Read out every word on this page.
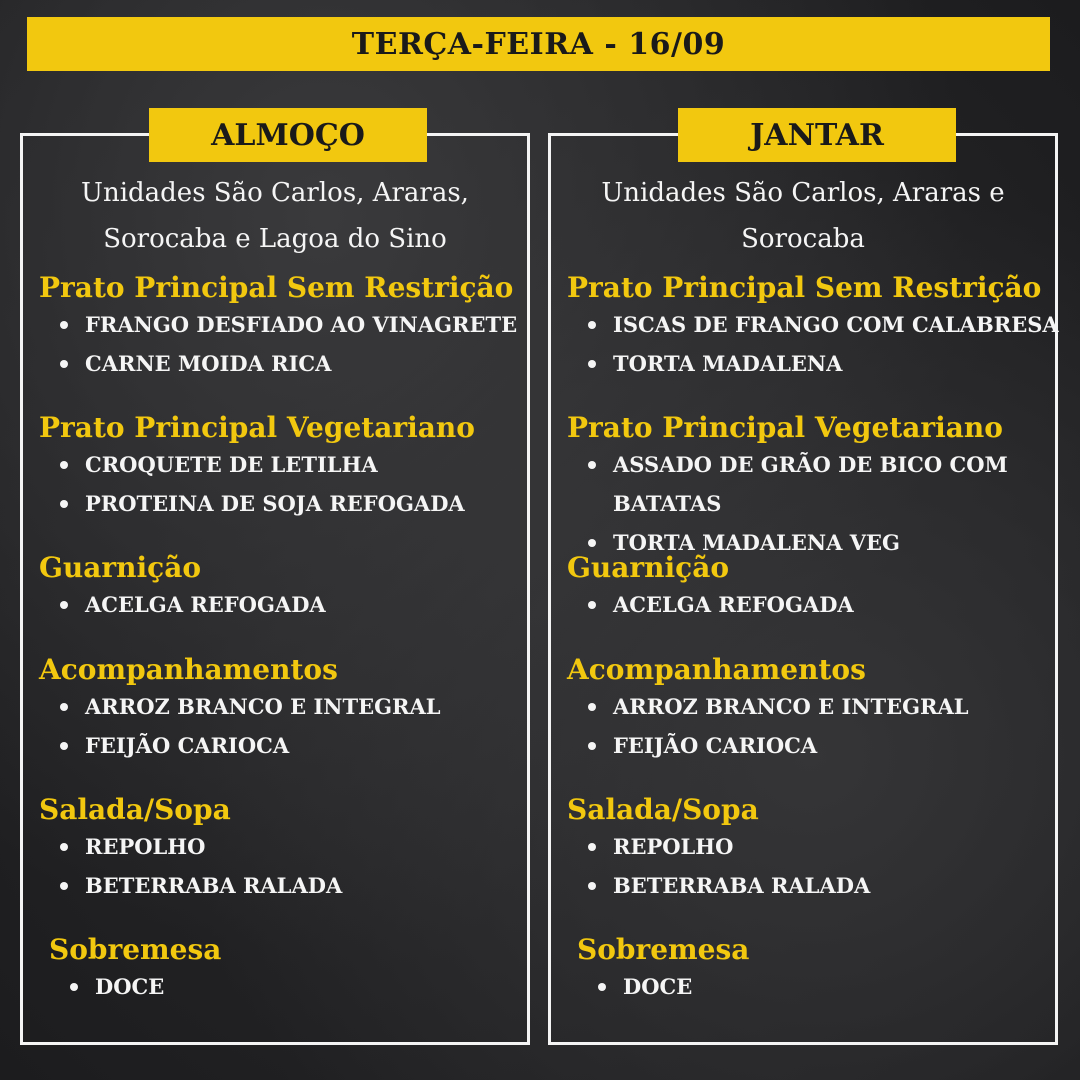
TERÇA-FEIRA - 16/09
ALMOÇO
Unidades São Carlos, Araras, Sorocaba e Lagoa do Sino
Prato Principal Sem Restrição
FRANGO DESFIADO AO VINAGRETE
CARNE MOIDA RICA
Prato Principal Vegetariano
CROQUETE DE LETILHA
PROTEINA DE SOJA REFOGADA
Guarnição
ACELGA REFOGADA
Acompanhamentos
ARROZ BRANCO E INTEGRAL
FEIJÃO CARIOCA
Salada/Sopa
REPOLHO
BETERRABA RALADA
Sobremesa
DOCE
JANTAR
Unidades São Carlos, Araras e Sorocaba
Prato Principal Sem Restrição
ISCAS DE FRANGO COM CALABRESA
TORTA MADALENA
Prato Principal Vegetariano
ASSADO DE GRÃO DE BICO COM BATATAS
TORTA MADALENA VEG
Guarnição
ACELGA REFOGADA
Acompanhamentos
ARROZ BRANCO E INTEGRAL
FEIJÃO CARIOCA
Salada/Sopa
REPOLHO
BETERRABA RALADA
Sobremesa
DOCE
